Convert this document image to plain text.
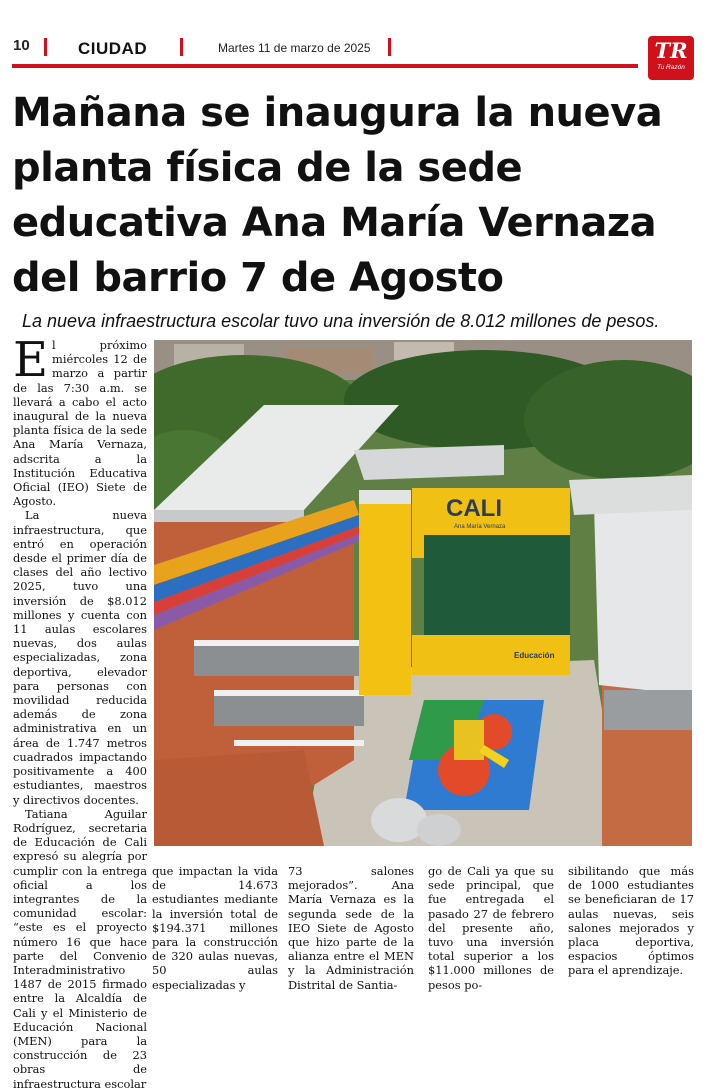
10	CIUDAD	Martes 11 de marzo de 2025	TR
Tu Razón
Mañana se inaugura la nueva
planta física de la sede
educativa Ana María Vernaza
del barrio 7 de Agosto
La nueva infraestructura escolar tuvo una inversión de 8.012 millones de pesos.

El próximo miércoles 12 de marzo a partir de las 7:30 a.m. se llevará a cabo el acto inaugural de la nueva planta física de la sede Ana María Vernaza, adscrita a la Institución Educativa Oficial (IEO) Siete de Agosto.

La nueva infraestructura, que entró en operación desde el primer día de clases del año lectivo 2025, tuvo una inversión de $8.012 millones y cuenta con 11 aulas escolares nuevas, dos aulas especializadas, zona deportiva, elevador para personas con movilidad reducida además de zona administrativa en un área de 1.747 metros cuadrados impactando positivamente a 400 estudiantes, maestros y directivos docentes.

Tatiana Aguilar Rodríguez, secretaria de Educación de Cali expresó su alegría por cumplir con la entrega oficial a los integrantes de la comunidad escolar: “este es el proyecto número 16 que hace parte del Convenio Interadministrativo 1487 de 2015 firmado entre la Alcaldía de Cali y el Ministerio de Educación Nacional (MEN) para la construcción de 23 obras de infraestructura escolar

CALI
Ana María Vernaza
Educación

que impactan la vida de 14.673 estudiantes mediante la inversión total de $194.371 millones para la construcción de 320 aulas nuevas, 50 aulas especializadas y

73 salones mejorados”. Ana María Vernaza es la segunda sede de la IEO Siete de Agosto que hizo parte de la alianza entre el MEN y la Administración Distrital de Santia-

go de Cali ya que su sede principal, que fue entregada el pasado 27 de febrero del presente año, tuvo una inversión total superior a los $11.000 millones de pesos po-

sibilitando que más de 1000 estudiantes se beneficiaran de 17 aulas nuevas, seis salones mejorados y placa deportiva, espacios óptimos para el aprendizaje.
